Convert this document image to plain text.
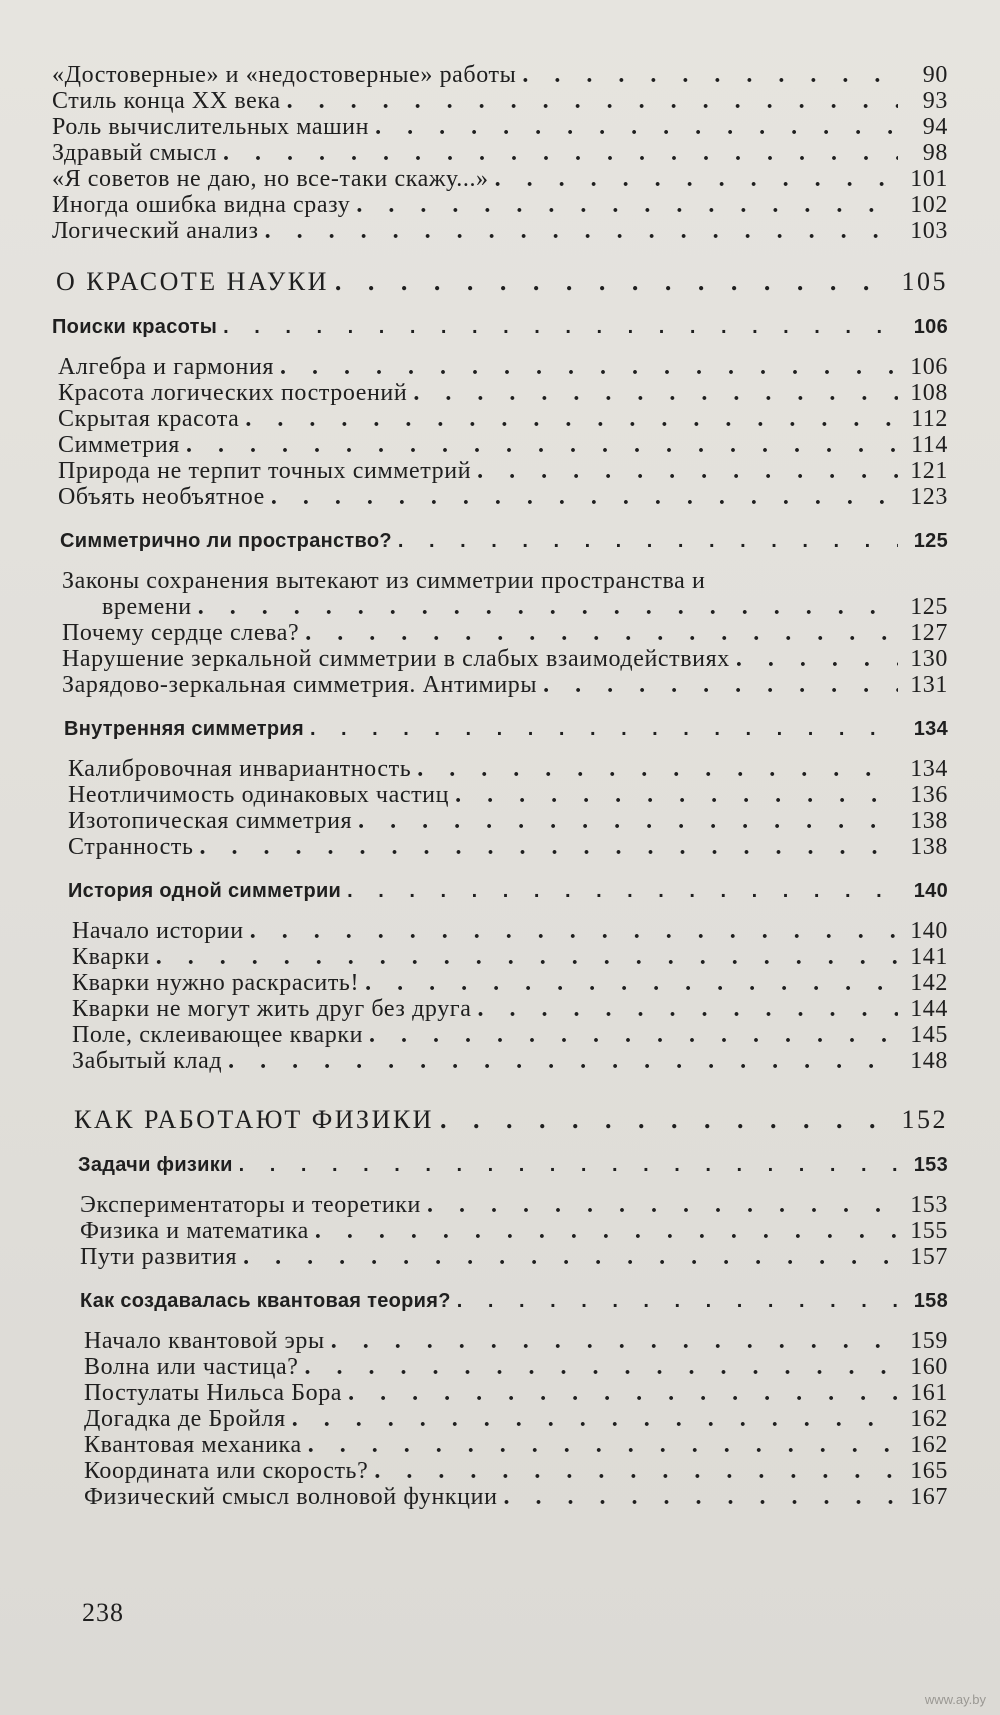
«Достоверные» и «недостоверные» работы . . .	90
Стиль конца XX века . . .	93
Роль вычислительных машин . . .	94
Здравый смысл . . .	98
«Я советов не даю, но все-таки скажу...» . . .	101
Иногда ошибка видна сразу . . .	102
Логический анализ . . .	103
О КРАСОТЕ НАУКИ . . .	105
Поиски красоты . . .	106
Алгебра и гармония . . .	106
Красота логических построений . . .	108
Скрытая красота . . .	112
Симметрия . . .	114
Природа не терпит точных симметрий . . .	121
Объять необъятное . . .	123
Симметрично ли пространство? . . .	125
Законы сохранения вытекают из симметрии пространства и
времени . . .	125
Почему сердце слева? . . .	127
Нарушение зеркальной симметрии в слабых взаимодействиях . . .	130
Зарядово-зеркальная симметрия. Антимиры . . .	131
Внутренняя симметрия . . .	134
Калибровочная инвариантность . . .	134
Неотличимость одинаковых частиц . . .	136
Изотопическая симметрия . . .	138
Странность . . .	138
История одной симметрии . . .	140
Начало истории . . .	140
Кварки . . .	141
Кварки нужно раскрасить! . . .	142
Кварки не могут жить друг без друга . . .	144
Поле, склеивающее кварки . . .	145
Забытый клад . . .	148
КАК РАБОТАЮТ ФИЗИКИ . . .	152
Задачи физики . . .	153
Экспериментаторы и теоретики . . .	153
Физика и математика . . .	155
Пути развития . . .	157
Как создавалась квантовая теория? . . .	158
Начало квантовой эры . . .	159
Волна или частица? . . .	160
Постулаты Нильса Бора . . .	161
Догадка де Бройля . . .	162
Квантовая механика . . .	162
Координата или скорость? . . .	165
Физический смысл волновой функции . . .	167
238
www.ay.by
